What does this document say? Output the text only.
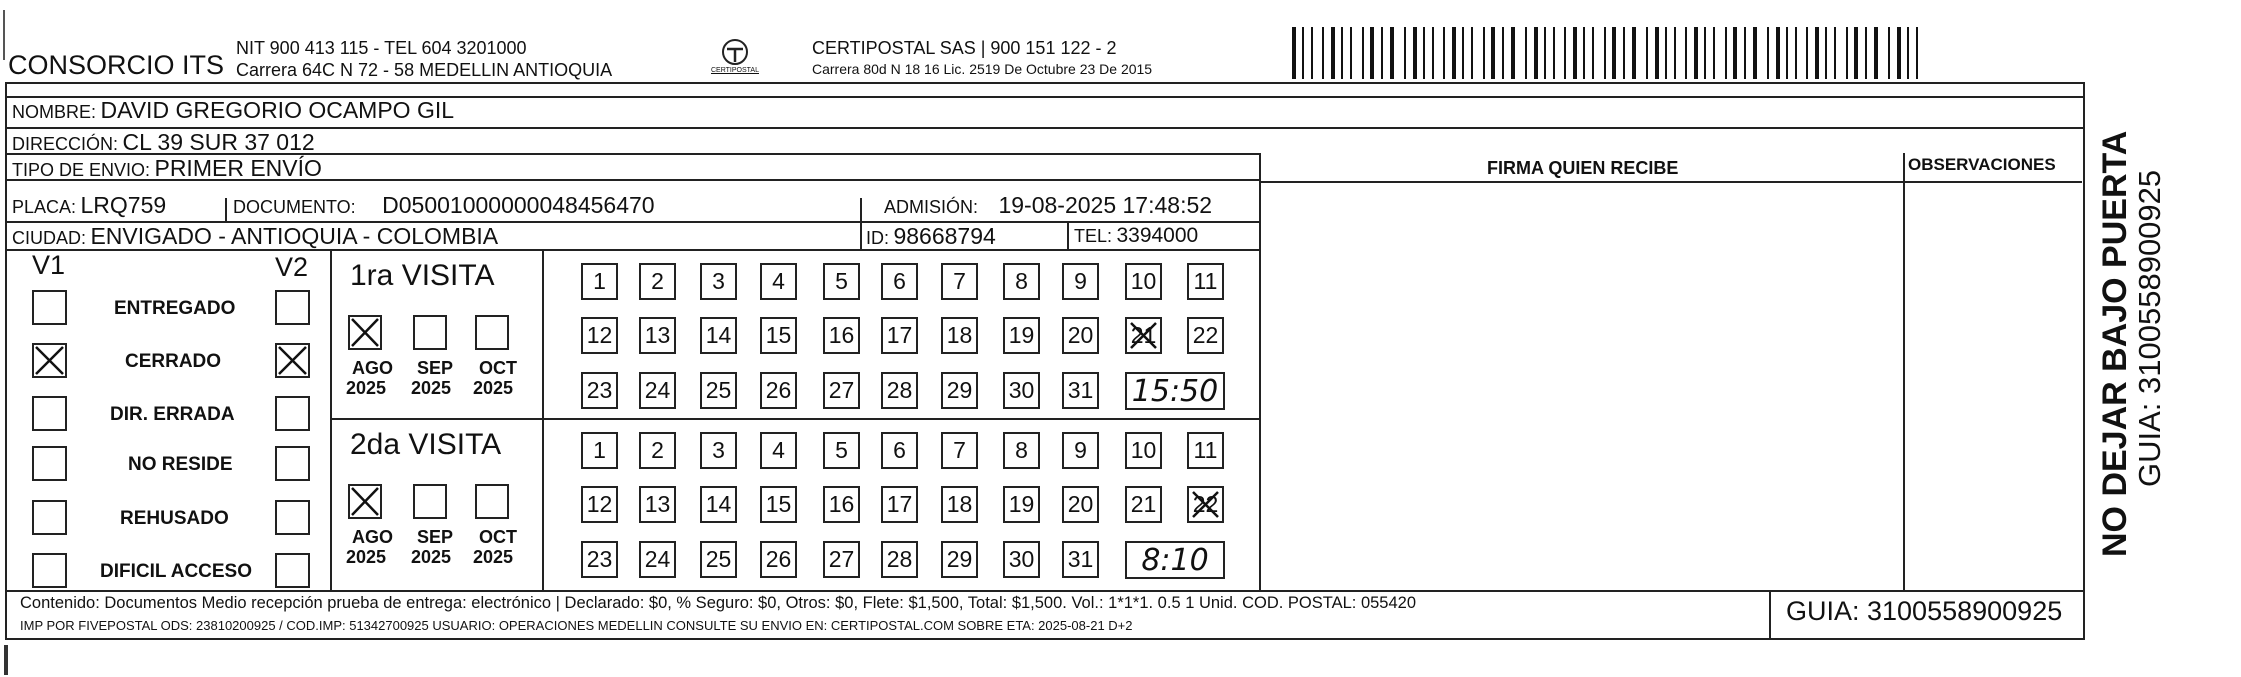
CONSORCIO ITS
NIT 900 413 115 - TEL 604 3201000
Carrera 64C N 72 - 58 MEDELLIN ANTIOQUIA	CERTIPOSTAL
CERTIPOSTAL SAS | 900 151 122 - 2
Carrera 80d N 18 16 Lic. 2519 De Octubre 23 De 2015
NOMBRE: DAVID GREGORIO OCAMPO GIL
DIRECCIÓN: CL 39 SUR 37 012
TIPO DE ENVIO: PRIMER ENVÍO
PLACA: LRQ759	DOCUMENTO: D05001000000048456470	ADMISIÓN: 19-08-2025 17:48:52
CIUDAD: ENVIGADO - ANTIOQUIA - COLOMBIA	ID: 98668794	TEL: 3394000
FIRMA QUIEN RECIBE	OBSERVACIONES
V1	V2
ENTREGADO
CERRADO
DIR. ERRADA
NO RESIDE
REHUSADO
DIFICIL ACCESO
1ra VISITA
AGO
2025
SEP
2025
OCT
2025
1	2	3	4	5	6	7	8	9	10 11
12 13 14 15 16 17 18 19 20 21 22
23 24 25 26 27 28 29 30 31 15:50
2da VISITA
AGO
2025
SEP
2025
OCT
2025
1	2	3	4	5	6	7	8	9	10 11
12 13 14 15 16 17 18 19 20 21 22
23 24 25 26 27 28 29 30 31	8:10
Contenido: Documentos Medio recepción prueba de entrega: electrónico | Declarado: $0, % Seguro: $0, Otros: $0, Flete: $1,500, Total: $1,500. Vol.: 1*1*1. 0.5 1 Unid. COD. POSTAL: 055420
IMP POR FIVEPOSTAL ODS: 23810200925 / COD.IMP: 51342700925 USUARIO: OPERACIONES MEDELLIN CONSULTE SU ENVIO EN: CERTIPOSTAL.COM SOBRE ETA: 2025-08-21 D+2	GUIA: 3100558900925
NO DEJAR BAJO PUERTA
GUIA: 3100558900925
